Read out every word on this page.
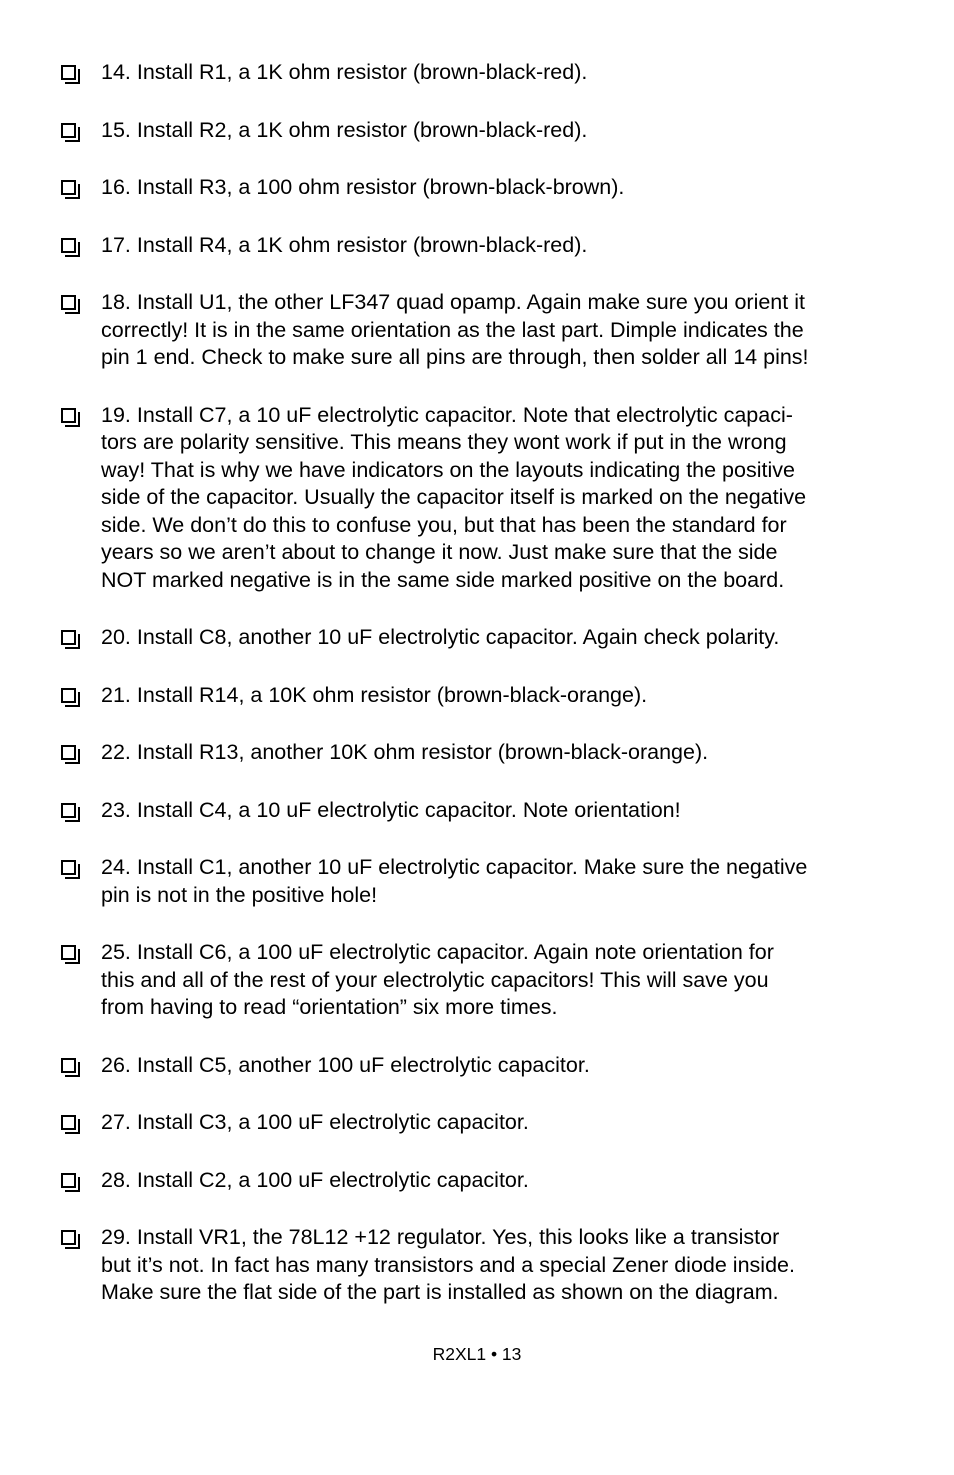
14. Install R1, a 1K ohm resistor (brown-black-red).
15. Install R2, a 1K ohm resistor (brown-black-red).
16. Install R3, a 100 ohm resistor (brown-black-brown).
17. Install R4, a 1K ohm resistor (brown-black-red).
18. Install U1, the other LF347 quad opamp. Again make sure you orient it
correctly! It is in the same orientation as the last part. Dimple indicates the
pin 1 end. Check to make sure all pins are through, then solder all 14 pins!
19. Install C7, a 10 uF electrolytic capacitor. Note that electrolytic capaci-
tors are polarity sensitive. This means they wont work if put in the wrong
way! That is why we have indicators on the layouts indicating the positive
side of the capacitor. Usually the capacitor itself is marked on the negative
side. We don’t do this to confuse you, but that has been the standard for
years so we aren’t about to change it now. Just make sure that the side
NOT marked negative is in the same side marked positive on the board.
20. Install C8, another 10 uF electrolytic capacitor. Again check polarity.
21. Install R14, a 10K ohm resistor (brown-black-orange).
22. Install R13, another 10K ohm resistor (brown-black-orange).
23. Install C4, a 10 uF electrolytic capacitor. Note orientation!
24. Install C1, another 10 uF electrolytic capacitor. Make sure the negative
pin is not in the positive hole!
25. Install C6, a 100 uF electrolytic capacitor. Again note orientation for
this and all of the rest of your electrolytic capacitors! This will save you
from having to read “orientation” six more times.
26. Install C5, another 100 uF electrolytic capacitor.
27. Install C3, a 100 uF electrolytic capacitor.
28. Install C2, a 100 uF electrolytic capacitor.
29. Install VR1, the 78L12 +12 regulator. Yes, this looks like a transistor
but it’s not. In fact has many transistors and a special Zener diode inside.
Make sure the flat side of the part is installed as shown on the diagram.
R2XL1 • 13
